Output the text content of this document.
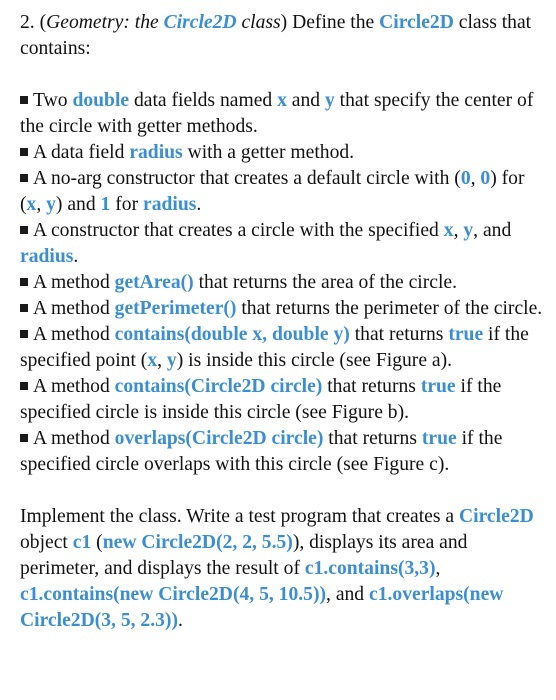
2. (Geometry: the Circle2D class) Define the Circle2D class that contains:

Two double data fields named x and y that specify the center of the circle with getter methods.
A data field radius with a getter method.
A no-arg constructor that creates a default circle with (0, 0) for (x, y) and 1 for radius.
A constructor that creates a circle with the specified x, y, and radius.
A method getArea() that returns the area of the circle.
A method getPerimeter() that returns the perimeter of the circle.
A method contains(double x, double y) that returns true if the specified point (x, y) is inside this circle (see Figure a).
A method contains(Circle2D circle) that returns true if the specified circle is inside this circle (see Figure b).
A method overlaps(Circle2D circle) that returns true if the specified circle overlaps with this circle (see Figure c).

Implement the class. Write a test program that creates a Circle2D object c1 (new Circle2D(2, 2, 5.5)), displays its area and perimeter, and displays the result of c1.contains(3,3), c1.contains(new Circle2D(4, 5, 10.5)), and c1.overlaps(new Circle2D(3, 5, 2.3)).
